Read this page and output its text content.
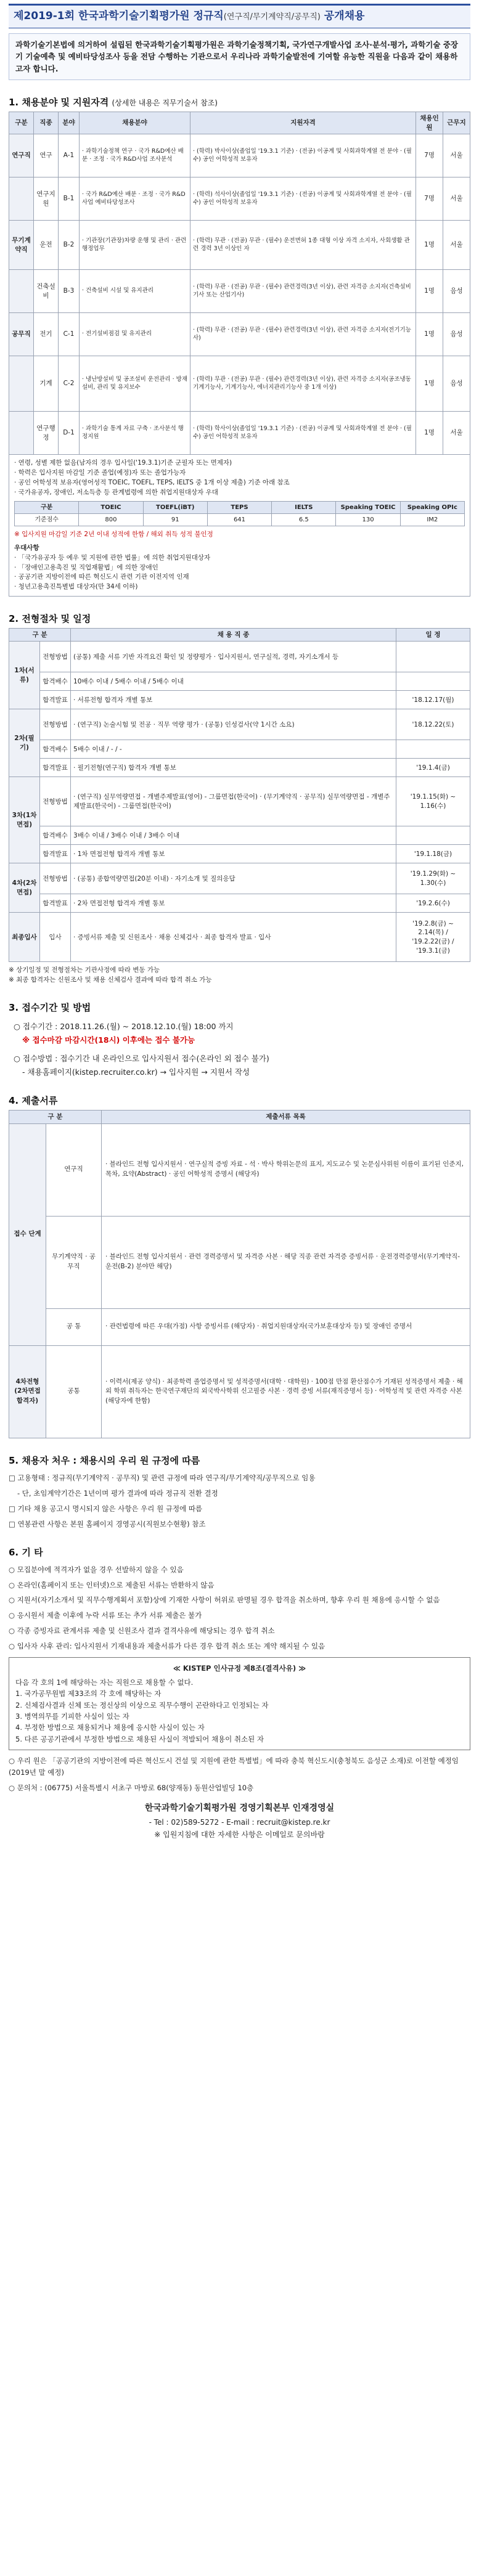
제2019-1회 한국과학기술기획평가원 정규직(연구직/무기계약직/공무직) 공개채용
과학기술기본법에 의거하여 설립된 한국과학기술기획평가원은 과학기술정책기획, 국가연구개발사업 조사·분석·평가, 과학기술 중장기 기술예측 및 예비타당성조사 등을 전담 수행하는 기관으로서 우리나라 과학기술발전에 기여할 유능한 직원을 다음과 같이 채용하고자 합니다.
1. 채용분야 및 지원자격 (상세한 내용은 직무기술서 참조)
구분	직종	분야	채용분야	지원자격	채용인원	근무지
연구직	연구	A-1	· 과학기술정책 연구 · 국가 R&D예산 배분 · 조정 · 국가 R&D사업 조사분석	· (학력) 박사이상(졸업일 '19.3.1 기준) · (전공) 이공계 및 사회과학계열 전 분야 · (필수) 공인 어학성적 보유자	7명	서울
	연구지원	B-1	· 국가 R&D예산 배분 · 조정 · 국가 R&D사업 예비타당성조사	· (학력) 석사이상(졸업일 '19.3.1 기준) · (전공) 이공계 및 사회과학계열 전 분야 · (필수) 공인 어학성적 보유자	7명	서울
무기계약직	운전	B-2	· 기관장(기관장)차량 운행 및 관리 · 관련 행정업무	· (학력) 무관 · (전공) 무관 · (필수) 운전면허 1종 대형 이상 자격 소지자, 사회생활 관련 경력 3년 이상인 자	1명	서울
	건축설비	B-3	· 건축설비 시설 및 유지관리	· (학력) 무관 · (전공) 무관 · (필수) 관련경력(3년 이상), 관련 자격증 소지자(건축설비기사 또는 산업기사)	1명	음성
공무직	전기	C-1	· 전기설비점검 및 유지관리	· (학력) 무관 · (전공) 무관 · (필수) 관련경력(3년 이상), 관련 자격증 소지자(전기기능사)	1명	음성
	기계	C-2	· 냉난방설비 및 공조설비 운전관리 · 방재설비, 관리 및 유지보수	· (학력) 무관 · (전공) 무관 · (필수) 관련경력(3년 이상), 관련 자격증 소지자(공조냉동기계기능사, 기계기능사, 에너지관리기능사 중 1개 이상)	1명	음성
	연구행정	D-1	· 과학기술 통계 자료 구축 · 조사분석 행정지원	· (학력) 학사이상(졸업일 '19.3.1 기준) · (전공) 이공계 및 사회과학계열 전 분야 · (필수) 공인 어학성적 보유자	1명	서울
· 연령, 성별 제한 없음(남자의 경우 입사일('19.3.1)기준 군필자 또는 면제자)
· 학력은 입사지원 마감일 기준 졸업(예정)자 또는 졸업가능자
· 공인 어학성적 보유자(영어성적 TOEIC, TOEFL, TEPS, IELTS 중 1개 이상 제출) 기준 아래 참조
· 국가유공자, 장애인, 저소득층 등 관계법령에 의한 취업지원대상자 우대
구분	TOEIC	TOEFL(iBT)	TEPS	IELTS	Speaking TOEIC	Speaking OPIc
기준점수	800	91	641	6.5	130	IM2
※ 입사지원 마감일 기준 2년 이내 성적에 한함 / 해외 취득 성적 불인정
우대사항
· 「국가유공자 등 예우 및 지원에 관한 법률」에 의한 취업지원대상자
· 「장애인고용촉진 및 직업재활법」에 의한 장애인
· 공공기관 지방이전에 따른 혁신도시 관련 기관 이전지역 인재
· 청년고용촉진특별법 대상자(만 34세 이하)
2. 전형절차 및 일정
구 분		채 용 직 종	일 정
1차(서류)	전형방법	(공통) 제출 서류 기반 자격요건 확인 및 정량평가 · 입사지원서, 연구실적, 경력, 자기소개서 등	
	합격배수	10배수 이내 / 5배수 이내 / 5배수 이내	
	합격발표	· 서류전형 합격자 개별 통보	'18.12.17(월)
2차(필기)	전형방법	· (연구직) 논술시험 및 전공 · 직무 역량 평가 · (공통) 인성검사(약 1시간 소요)	'18.12.22(토)
	합격배수	5배수 이내 / - / -	
	합격발표	· 필기전형(연구직) 합격자 개별 통보	'19.1.4(금)
3차(1차면접)	전형방법	· (연구직) 실무역량면접 - 개별주제발표(영어) - 그룹면접(한국어) · (무기계약직 · 공무직) 실무역량면접 - 개별주제발표(한국어) - 그룹면접(한국어)	'19.1.15(화) ~ 1.16(수)
	합격배수	3배수 이내 / 3배수 이내 / 3배수 이내	
	합격발표	· 1차 면접전형 합격자 개별 통보	'19.1.18(금)
4차(2차면접)	전형방법	· (공통) 종합역량면접(20분 이내) · 자기소개 및 질의응답	'19.1.29(화) ~ 1.30(수)
	합격발표	· 2차 면접전형 합격자 개별 통보	'19.2.6(수)
최종입사	입사	· 증빙서류 제출 및 신원조사 · 채용 신체검사 · 최종 합격자 발표 · 입사	'19.2.8(금) ~ 2.14(목) / '19.2.22(금) / '19.3.1(금)
※ 상기일정 및 전형절차는 기관사정에 따라 변동 가능
※ 최종 합격자는 신원조사 및 채용 신체검사 결과에 따라 합격 취소 가능
3. 접수기간 및 방법
○ 접수기간 : 2018.11.26.(월) ~ 2018.12.10.(월) 18:00 까지
※ 접수마감 마감시간(18시) 이후에는 접수 불가능
○ 접수방법 : 접수기간 내 온라인으로 입사지원서 접수(온라인 외 접수 불가)
- 채용홈페이지(kistep.recruiter.co.kr) → 입사지원 → 지원서 작성
4. 제출서류
구 분		제출서류 목록
접수 단계	연구직	· 블라인드 전형 입사지원서 · 연구실적 증빙 자료 - 석 · 박사 학위논문의 표지, 지도교수 및 논문심사위원 이름이 표기된 인준지, 목차, 요약(Abstract) · 공인 어학성적 증명서 (해당자)
	무기계약직 · 공무직	· 블라인드 전형 입사지원서 · 관련 경력증명서 및 자격증 사본 · 해당 직종 관련 자격증 증빙서류 · 운전경력증명서(무기계약직-운전(B-2) 분야만 해당)
	공 통	· 관련법령에 따른 우대(가점) 사항 증빙서류 (해당자) · 취업지원대상자(국가보훈대상자 등) 및 장애인 증명서
4차전형 (2차면접 합격자)	공통	· 이력서(제공 양식) · 최종학력 졸업증명서 및 성적증명서(대학 · 대학원) · 100점 만점 환산점수가 기재된 성적증명서 제출 · 해외 학위 취득자는 한국연구재단의 외국박사학위 신고필증 사본 · 경력 증빙 서류(재직증명서 등) · 어학성적 및 관련 자격증 사본(해당자에 한함)
5. 채용자 처우 : 채용시의 우리 원 규정에 따름

□ 고용형태 : 정규직(무기계약직 · 공무직) 및 관련 규정에 따라 연구직/무기계약직/공무직으로 임용

- 단, 초임계약기간은 1년이며 평가 결과에 따라 정규직 전환 결정

□ 기타 채용 공고시 명시되지 않은 사항은 우리 원 규정에 따름

□ 연봉관련 사항은 본원 홈페이지 경영공시(직원보수현황) 참조

6. 기 타

○ 모집분야에 적격자가 없을 경우 선발하지 않을 수 있음

○ 온라인(홈페이지 또는 인터넷)으로 제출된 서류는 반환하지 않음

○ 지원서(자기소개서 및 직무수행계획서 포함)상에 기재한 사항이 허위로 판명될 경우 합격을 취소하며, 향후 우리 원 채용에 응시할 수 없음

○ 응시원서 제출 이후에 누락 서류 또는 추가 서류 제출은 불가

○ 각종 증빙자료 관계서류 제출 및 신원조사 결과 결격사유에 해당되는 경우 합격 취소

○ 입사자 사후 관리: 입사지원서 기재내용과 제출서류가 다른 경우 합격 취소 또는 계약 해지될 수 있음

≪ KISTEP 인사규정 제8조(결격사유) ≫
다음 각 호의 1에 해당하는 자는 직원으로 채용할 수 없다.
1. 국가공무원법 제33조의 각 호에 해당하는 자
2. 신체검사결과 신체 또는 정신상의 이상으로 직무수행이 곤란하다고 인정되는 자
3. 병역의무를 기피한 사실이 있는 자
4. 부정한 방법으로 채용되거나 채용에 응시한 사실이 있는 자
5. 다른 공공기관에서 부정한 방법으로 채용된 사실이 적발되어 채용이 취소된 자

○ 우리 원은 「공공기관의 지방이전에 따른 혁신도시 건설 및 지원에 관한 특별법」에 따라 충북 혁신도시(충청북도 음성군 소재)로 이전할 예정임(2019년 말 예정)

○ 문의처 : (06775) 서울특별시 서초구 마방로 68(양재동) 동원산업빌딩 10층

한국과학기술기획평가원 경영기획본부 인재경영실
- Tel : 02)589-5272 - E-mail : recruit@kistep.re.kr
※ 입원지침에 대한 자세한 사항은 이메일로 문의바람
